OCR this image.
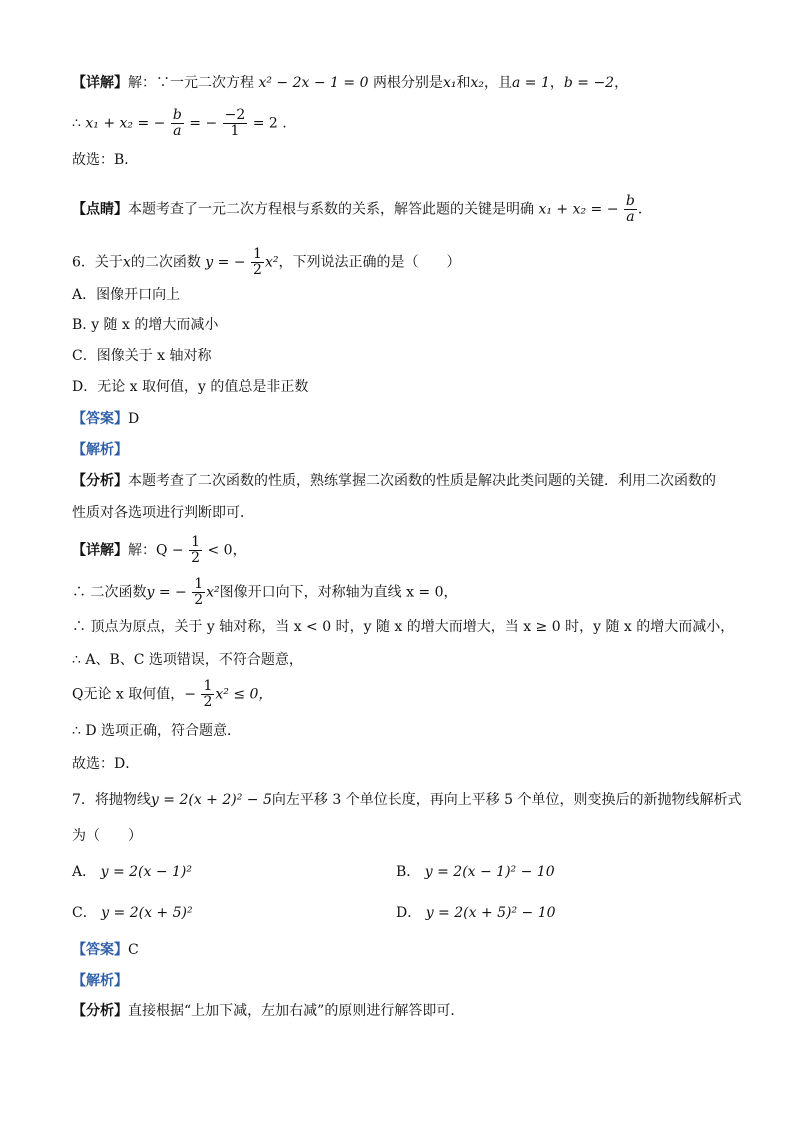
【详解】解：∵一元二次方程 x² − 2x − 1 = 0 两根分别是x₁和x₂，且a = 1，b = −2，
∴ x₁ + x₂ = − $\frac{b}{a}$ = − $\frac{-2}{1} = 2$ .
故选：B．
【点睛】本题考查了一元二次方程根与系数的关系，解答此题的关键是明确 x₁ + x₂ = − $\frac{b}{a}$ ．
6．关于x的二次函数 y = − $\frac{1}{2} x^2$，下列说法正确的是（　　）
A．图像开口向上
B. y 随 x 的增大而减小
C．图像关于 x 轴对称
D．无论 x 取何值，y 的值总是非正数
【答案】D
【解析】
【分析】本题考查了二次函数的性质，熟练掌握二次函数的性质是解决此类问题的关键．利用二次函数的
性质对各选项进行判断即可．
【详解】解：$Q - \frac{1}{2} < 0$，
∴ 二次函数y = − $\frac{1}{2} x^2$图像开口向下，对称轴为直线 x = 0，
∴ 顶点为原点，关于 y 轴对称，当 x < 0 时，y 随 x 的增大而增大，当 x ≥ 0 时，y 随 x 的增大而减小，
∴ A、B、C 选项错误，不符合题意，
Q无论 x 取何值，− $\frac{1}{2} x^2 \le 0$，
∴ D 选项正确，符合题意．
故选：D．
7．将抛物线y = 2(x + 2)² − 5向左平移 3 个单位长度，再向上平移 5 个单位，则变换后的新抛物线解析式
为（　　）
A． y = 2(x − 1)²	B． y = 2(x − 1)² − 10
C． y = 2(x + 5)²	D． y = 2(x + 5)² − 10
【答案】C
【解析】
【分析】直接根据“上加下减，左加右减”的原则进行解答即可．
